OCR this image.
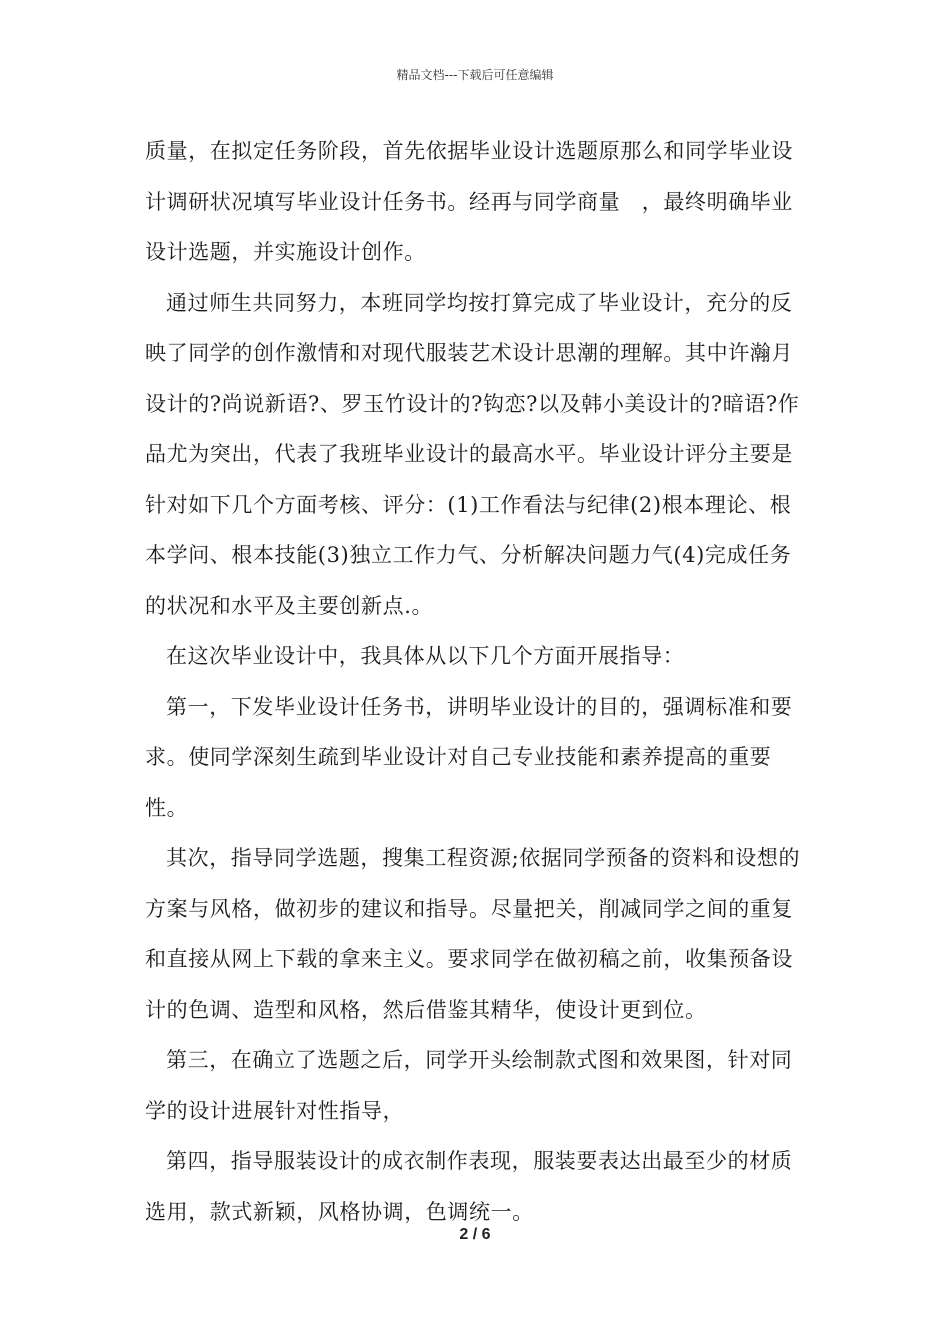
精品文档---下载后可任意编辑

质量，在拟定任务阶段，首先依据毕业设计选题原那么和同学毕业设计调研状况填写毕业设计任务书。经再与同学商量　，最终明确毕业设计选题，并实施设计创作。

通过师生共同努力，本班同学均按打算完成了毕业设计，充分的反映了同学的创作激情和对现代服装艺术设计思潮的理解。其中许瀚月设计的?尚说新语?、罗玉竹设计的?钩恋?以及韩小美设计的?暗语?作品尤为突出，代表了我班毕业设计的最高水平。毕业设计评分主要是针对如下几个方面考核、评分：(1)工作看法与纪律(2)根本理论、根本学问、根本技能(3)独立工作力气、分析解决问题力气(4)完成任务的状况和水平及主要创新点.。

在这次毕业设计中，我具体从以下几个方面开展指导：

第一，下发毕业设计任务书，讲明毕业设计的目的，强调标准和要求。使同学深刻生疏到毕业设计对自己专业技能和素养提高的重要性。

其次，指导同学选题，搜集工程资源;依据同学预备的资料和设想的方案与风格，做初步的建议和指导。尽量把关，削减同学之间的重复和直接从网上下载的拿来主义。要求同学在做初稿之前，收集预备设计的色调、造型和风格，然后借鉴其精华，使设计更到位。

第三，在确立了选题之后，同学开头绘制款式图和效果图，针对同学的设计进展针对性指导，

第四，指导服装设计的成衣制作表现，服装要表达出最至少的材质选用，款式新颖，风格协调，色调统一。

2 / 6
